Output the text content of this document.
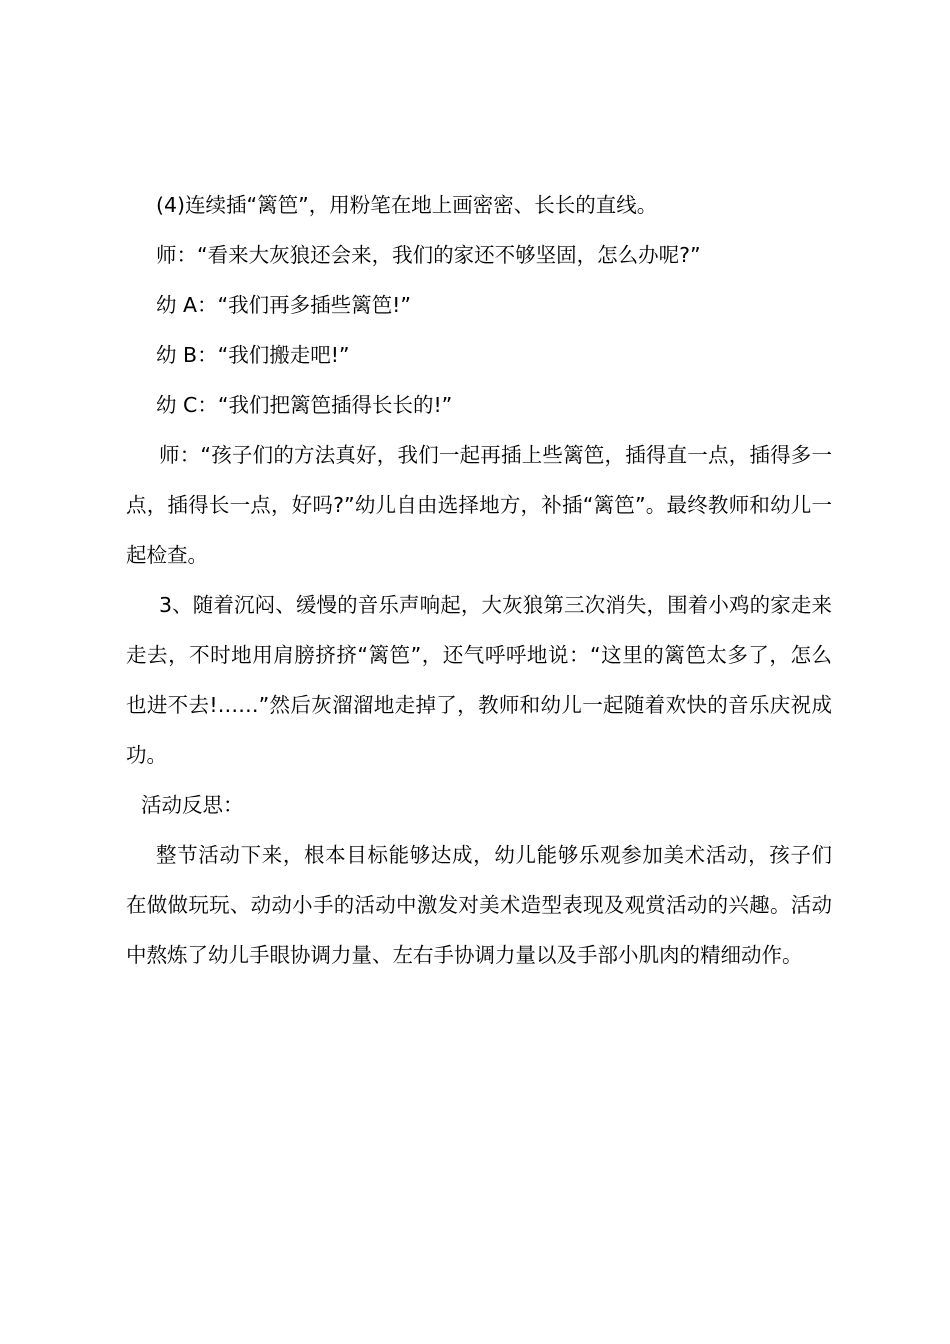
(4)连续插“篱笆”，用粉笔在地上画密密、长长的直线。

师：“看来大灰狼还会来，我们的家还不够坚固，怎么办呢?”

幼 A：“我们再多插些篱笆!”

幼 B：“我们搬走吧!”

幼 C：“我们把篱笆插得长长的!”

师：“孩子们的方法真好，我们一起再插上些篱笆，插得直一点，插得多一点，插得长一点，好吗?”幼儿自由选择地方，补插“篱笆”。最终教师和幼儿一起检查。

3、随着沉闷、缓慢的音乐声响起，大灰狼第三次消失，围着小鸡的家走来走去，不时地用肩膀挤挤“篱笆”，还气呼呼地说：“这里的篱笆太多了，怎么也进不去!……”然后灰溜溜地走掉了，教师和幼儿一起随着欢快的音乐庆祝成功。

活动反思：

整节活动下来，根本目标能够达成，幼儿能够乐观参加美术活动，孩子们在做做玩玩、动动小手的活动中激发对美术造型表现及观赏活动的兴趣。活动中熬炼了幼儿手眼协调力量、左右手协调力量以及手部小肌肉的精细动作。
